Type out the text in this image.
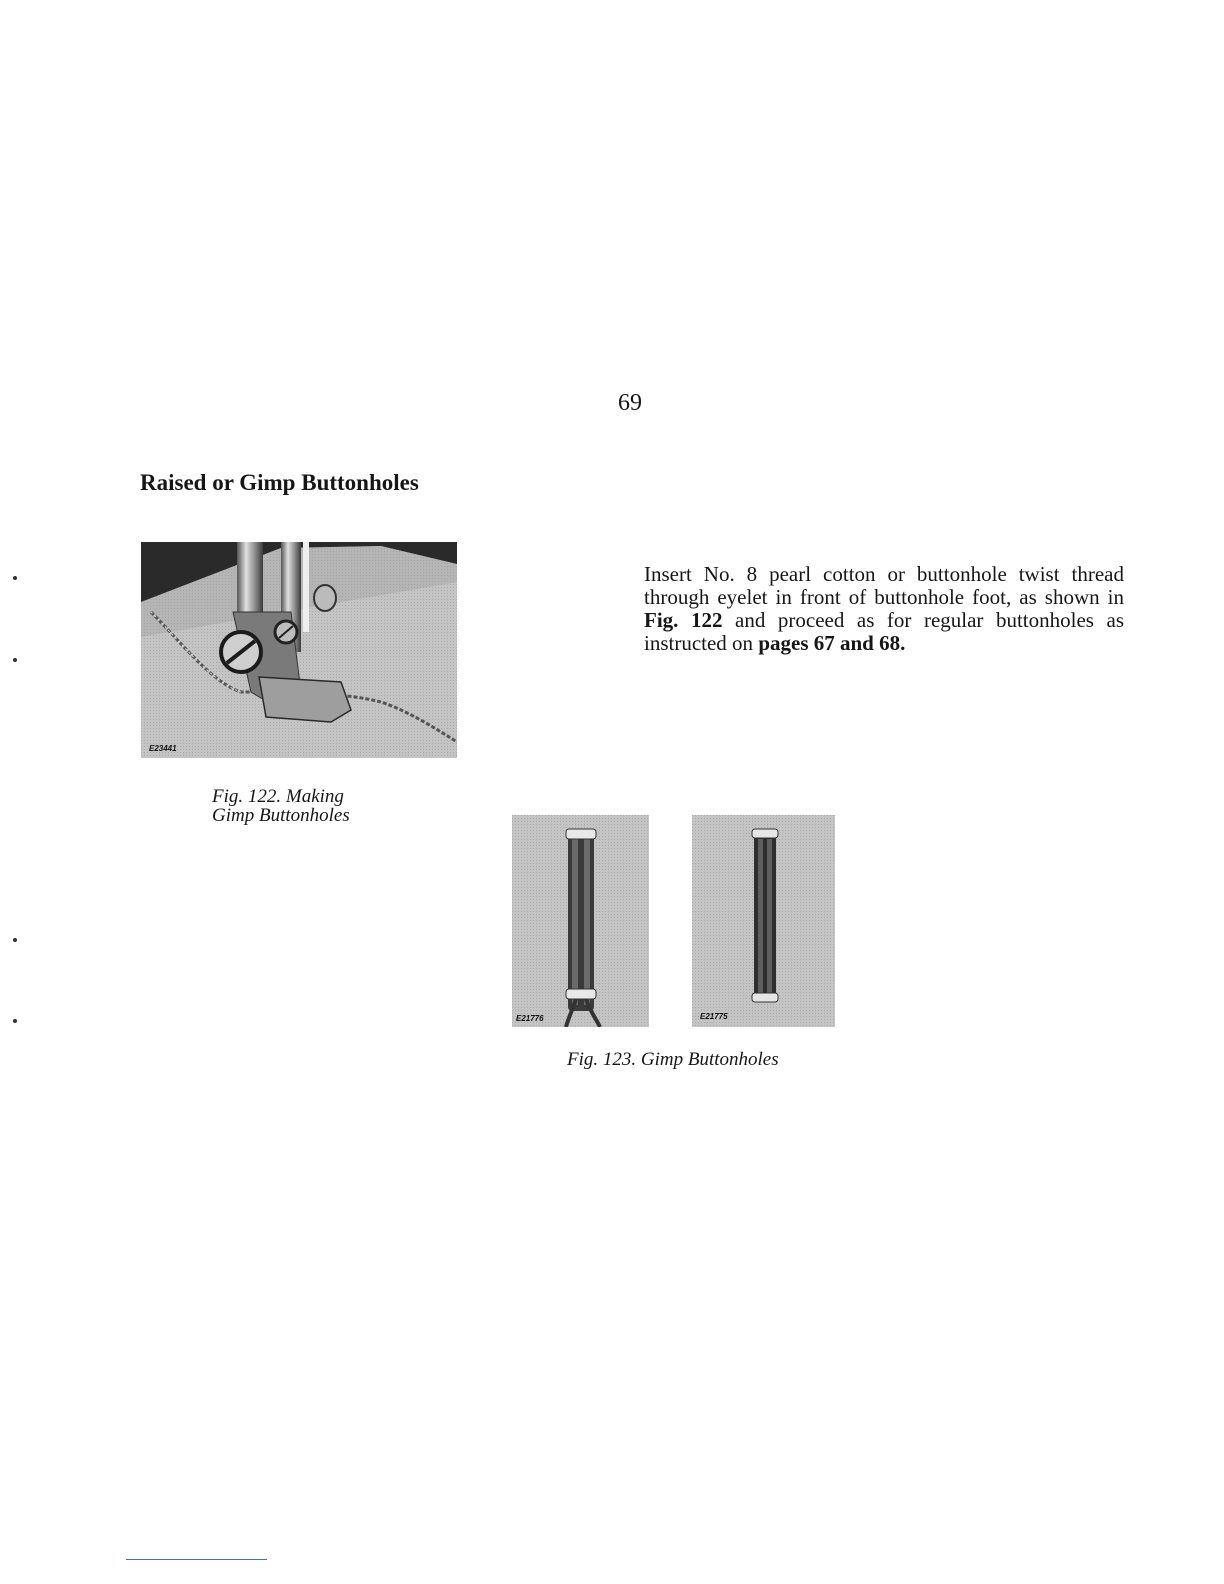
69
Raised or Gimp Buttonholes
E23441
Fig. 122. Making
Gimp Buttonholes
Insert No. 8 pearl cotton or buttonhole twist thread through eyelet in front of buttonhole foot, as shown in Fig. 122 and proceed as for regular buttonholes as instructed on pages 67 and 68.
E21776	E21775
Fig. 123. Gimp Buttonholes
